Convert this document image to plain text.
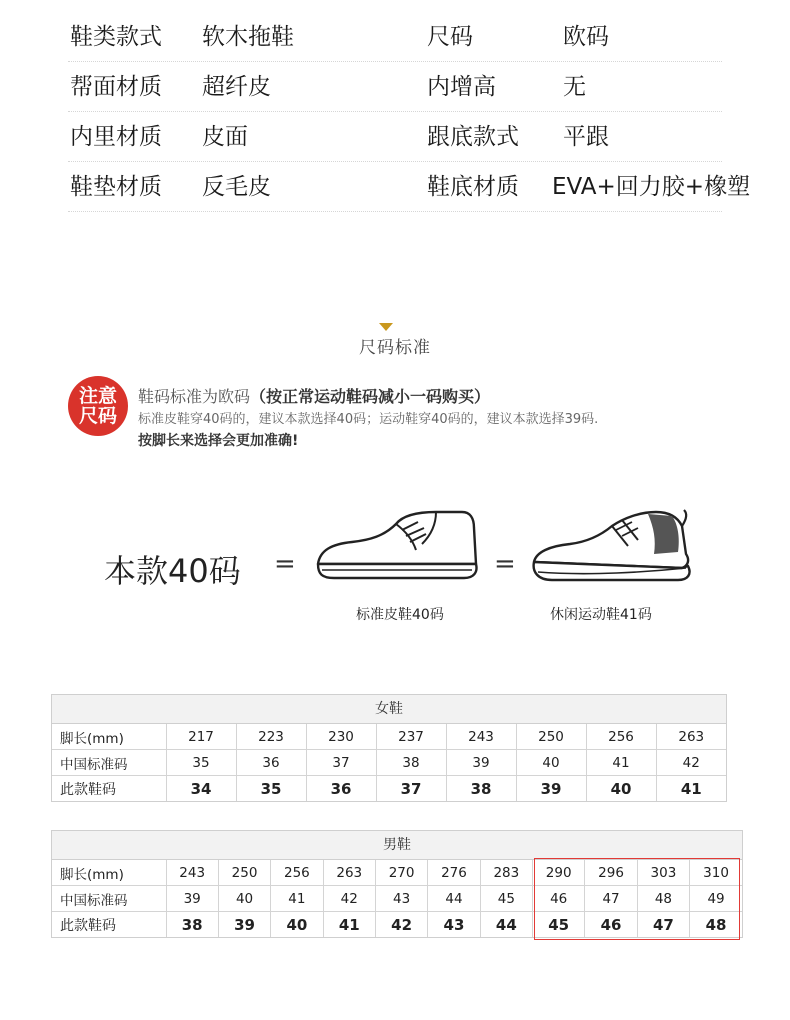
鞋类款式 软木拖鞋	尺码	欧码
帮面材质 超纤皮	内增高	无
内里材质 皮面	跟底款式 平跟
鞋垫材质 反毛皮	鞋底材质 EVA+回力胶+橡塑
尺码标准
注意
尺码
鞋码标准为欧码（按正常运动鞋码减小一码购买）
标准皮鞋穿40码的，建议本款选择40码；运动鞋穿40码的，建议本款选择39码.
按脚长来选择会更加准确!
本款40码 =	=
标准皮鞋40码	休闲运动鞋41码
女鞋
脚长(mm)	217	223	230	237	243	250	256	263
中国标准码	35	36	37	38	39	40	41	42
此款鞋码	34	35	36	37	38	39	40	41
男鞋
脚长(mm)	243	250	256	263	270	276	283	290	296	303	310
中国标准码	39	40	41	42	43	44	45	46	47	48	49
此款鞋码	38	39	40	41	42	43	44	45	46	47	48
